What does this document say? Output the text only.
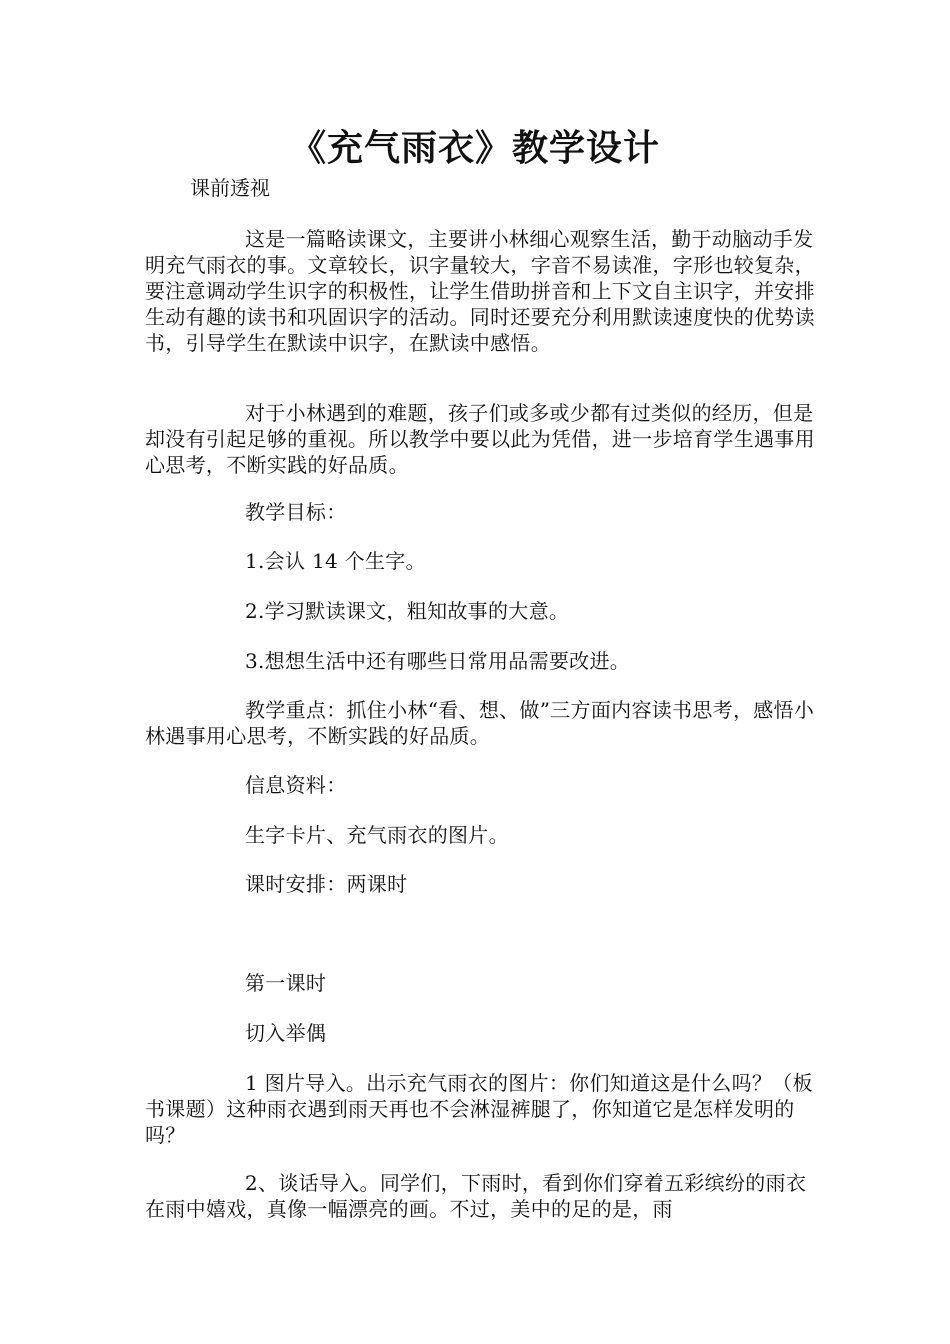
《充气雨衣》教学设计
课前透视
这是一篇略读课文，主要讲小林细心观察生活，勤于动脑动手发明充气雨衣的事。文章较长，识字量较大，字音不易读准，字形也较复杂，要注意调动学生识字的积极性，让学生借助拼音和上下文自主识字，并安排生动有趣的读书和巩固识字的活动。同时还要充分利用默读速度快的优势读书，引导学生在默读中识字，在默读中感悟。
对于小林遇到的难题，孩子们或多或少都有过类似的经历，但是却没有引起足够的重视。所以教学中要以此为凭借，进一步培育学生遇事用心思考，不断实践的好品质。
教学目标：
1.会认 14 个生字。
2.学习默读课文，粗知故事的大意。
3.想想生活中还有哪些日常用品需要改进。
教学重点：抓住小林“看、想、做”三方面内容读书思考，感悟小林遇事用心思考，不断实践的好品质。
信息资料：
生字卡片、充气雨衣的图片。
课时安排：两课时
第一课时
切入举偶
1 图片导入。出示充气雨衣的图片：你们知道这是什么吗？（板书课题）这种雨衣遇到雨天再也不会淋湿裤腿了，你知道它是怎样发明的吗？
2、谈话导入。同学们，下雨时，看到你们穿着五彩缤纷的雨衣在雨中嬉戏，真像一幅漂亮的画。不过，美中的足的是，雨
